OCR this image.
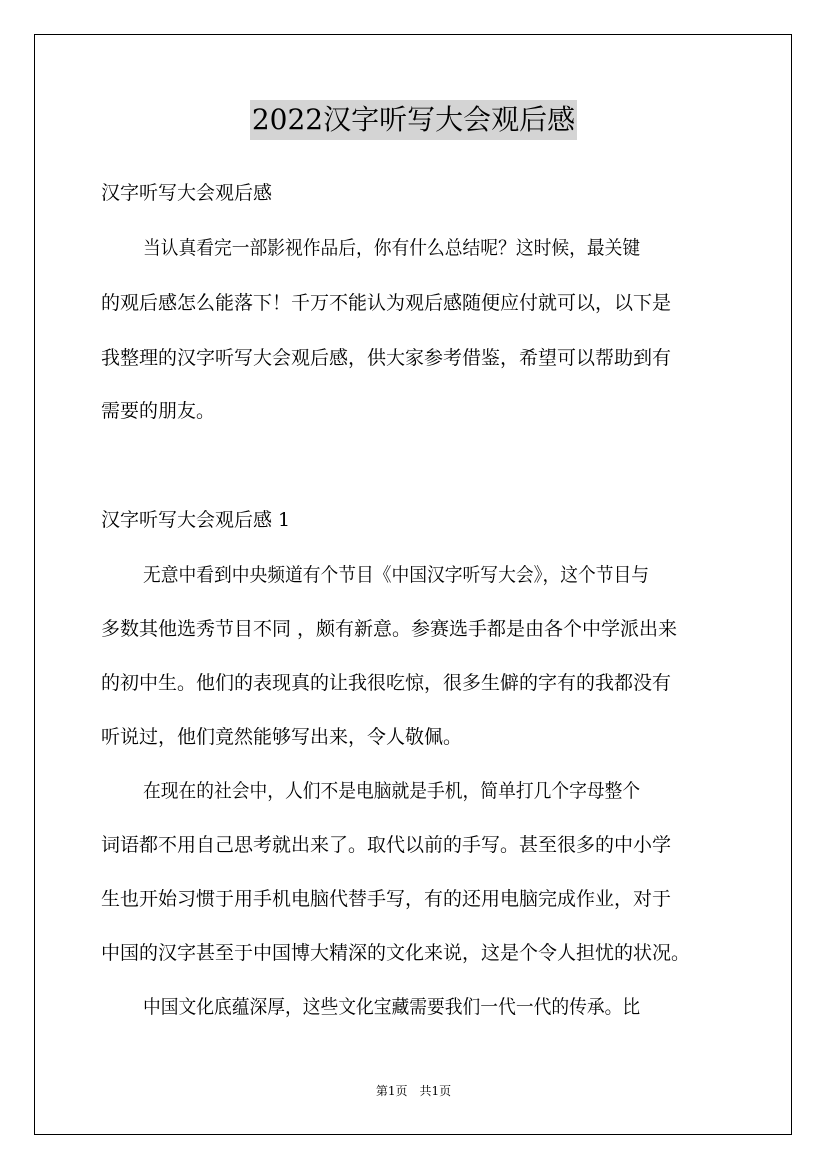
2022汉字听写大会观后感
汉字听写大会观后感
当认真看完一部影视作品后，你有什么总结呢？这时候，最关键
的观后感怎么能落下！千万不能认为观后感随便应付就可以，以下是
我整理的汉字听写大会观后感，供大家参考借鉴，希望可以帮助到有
需要的朋友。
汉字听写大会观后感 1
无意中看到中央频道有个节目《中国汉字听写大会》，这个节目与
多数其他选秀节目不同 ，颇有新意。参赛选手都是由各个中学派出来
的初中生。他们的表现真的让我很吃惊，很多生僻的字有的我都没有
听说过，他们竟然能够写出来，令人敬佩。
在现在的社会中，人们不是电脑就是手机，简单打几个字母整个
词语都不用自己思考就出来了。取代以前的手写。甚至很多的中小学
生也开始习惯于用手机电脑代替手写，有的还用电脑完成作业，对于
中国的汉字甚至于中国博大精深的文化来说，这是个令人担忧的状况。
中国文化底蕴深厚，这些文化宝藏需要我们一代一代的传承。比
第1页　共1页
